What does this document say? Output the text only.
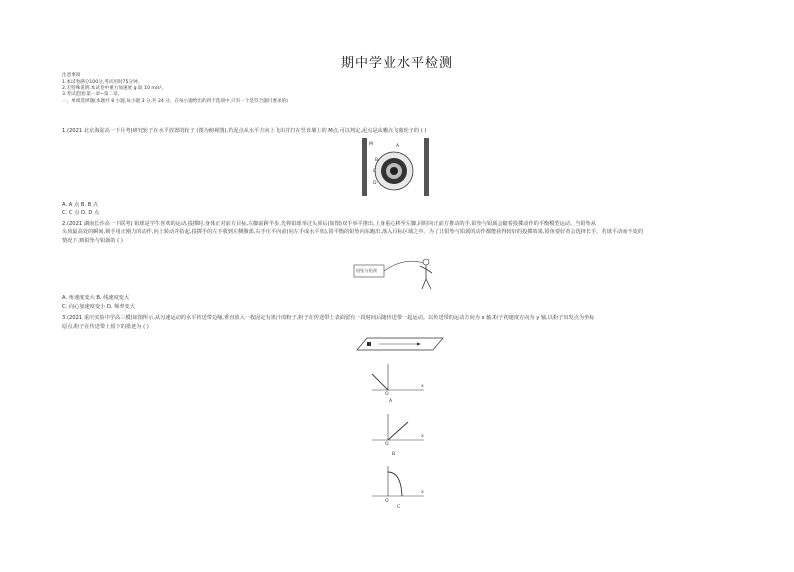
期中学业水平检测
注意事项
1.本试卷满分100分,考试用时75分钟。
2.无特殊说明,本试卷中重力加速度 g 取 10 m/s²。
3.考试范围:第一章~第二章。
一、单项选择题(本题共 8 小题,每小题 3 分,共 24 分。在每小题给出的四个选项中,只有一个是符合题目要求的)
1.(2021 北京海淀高一下月考)研究轮子在水平放置的轮子 (图为俯视图),若泥点从水平方向上飞出并打在竖直墙上的 M点,可以判定,泥点是从哪点飞离轮子的 ( )
M	A
B
C
D
A. A 点 B. B 点
C. C 点 D. D 点
2.(2021 湖南长沙高一下联考) 铅球是学生喜欢的运动,投掷时,身体正对前方目标,左脚前跨半步,先将铅球举过头顶后(如图)双手举平推出,上身重心移至左脚,同时向正前方推动的手,铅坠与铅颈会随着投掷动作的平衡模型运动。当铅坠从
头顶最高处的瞬间,锁手用正刚力的动作,向上转动并抬起,投掷手的左手收到左侧腹部,右手压平向前(向左手成水平状),铅平衡的铅坠向东跑出,落入目标区域之中。为了让铅坠与铅颈的动作都能获得较好的投掷效果,铅鱼要好者会选择长手。若球平动而不变的
情况下,则铅坠与铅颈的 ( )
铅坠与铅颈
A. 角速度变大 B. 线速度变大
C. 向心加速度变小 D. 频率变大
3.(2021 重庆实验中学高三模)如图所示,从匀速运动的水平传送带边缘,垂直放入一枚固定有墨汁的粉子,粉子在传送带上表面留有一段时间后随传送带一起运动。以传送带的运动方向为 x 轴,粉子初速度方向为 y 轴,以粉子出发点为坐标
原点,粉子在传送带上留下的墨迹为 ( )
x
O
A
x
O
B
x
O
C
